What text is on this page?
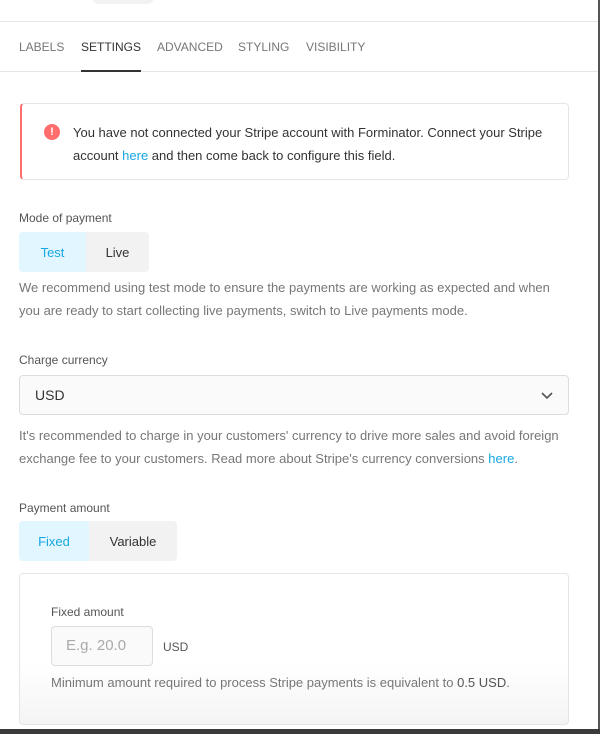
LABELS SETTINGS ADVANCED STYLING VISIBILITY
!	You have not connected your Stripe account with Forminator. Connect your Stripe account here and then come back to configure this field.
Mode of payment
Test	Live
We recommend using test mode to ensure the payments are working as expected and when you are ready to start collecting live payments, switch to Live payments mode.
Charge currency
USD
It's recommended to charge in your customers' currency to drive more sales and avoid foreign exchange fee to your customers. Read more about Stripe's currency conversions here.
Payment amount
Fixed	Variable
Fixed amount
E.g. 20.0	USD
Minimum amount required to process Stripe payments is equivalent to 0.5 USD.
